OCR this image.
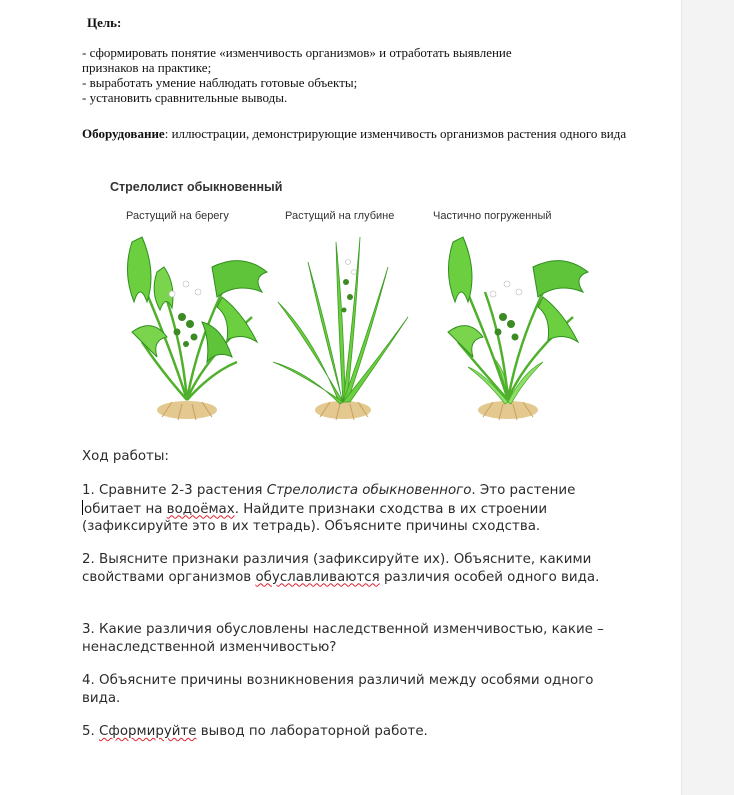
Цель:
- сформировать понятие «изменчивость организмов» и отработать выявление
признаков на практике;
- выработать умение наблюдать готовые объекты;
- установить сравнительные выводы.
Оборудование: иллюстрации, демонстрирующие изменчивость организмов растения одного вида
Стрелолист обыкновенный
Растущий на берегу	Растущий на глубине	Частично погруженный
Ход работы:
1. Сравните 2-3 растения Стрелолиста обыкновенного. Это растение
обитает на водоёмах. Найдите признаки сходства в их строении (зафиксируйте это в их тетрадь). Объясните причины сходства.
2. Выясните признаки различия (зафиксируйте их). Объясните, какими свойствами организмов обуславливаются различия особей одного вида.
3. Какие различия обусловлены наследственной изменчивостью, какие – ненаследственной изменчивостью?
4. Объясните причины возникновения различий между особями одного вида.
5. Сформируйте вывод по лабораторной работе.
